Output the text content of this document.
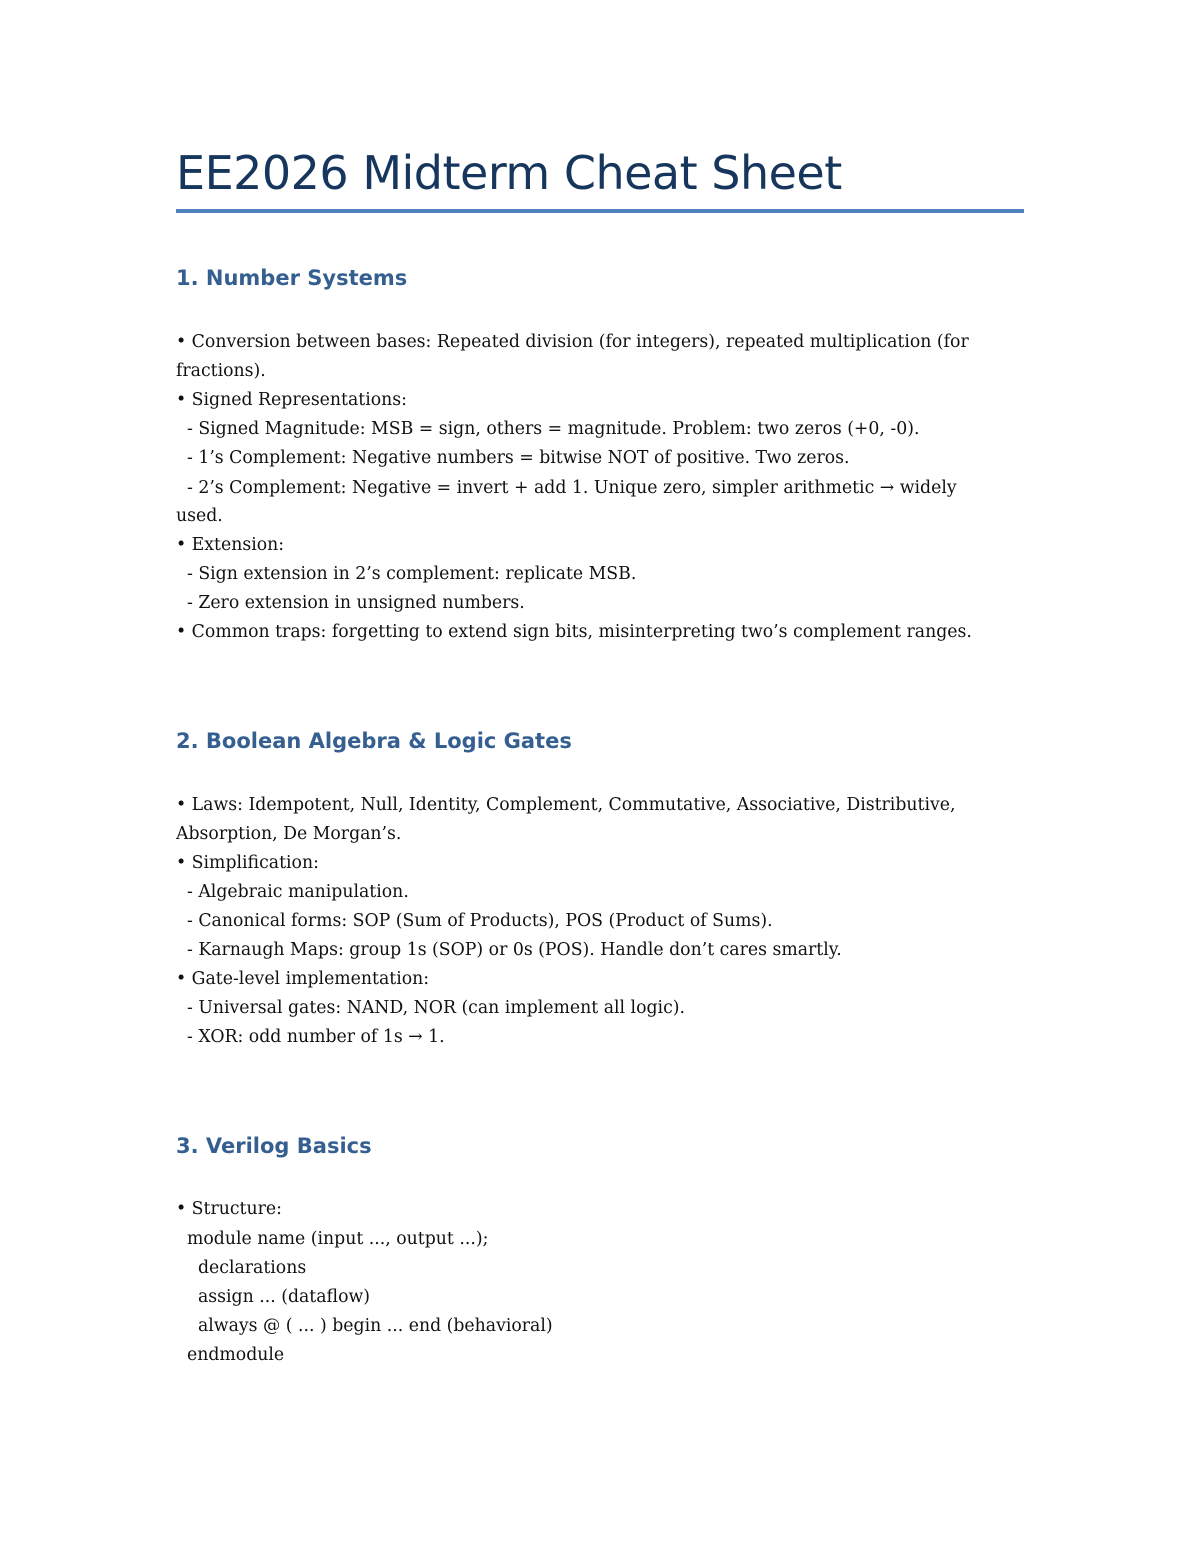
EE2026 Midterm Cheat Sheet
1. Number Systems
• Conversion between bases: Repeated division (for integers), repeated multiplication (for
fractions).
• Signed Representations:
- Signed Magnitude: MSB = sign, others = magnitude. Problem: two zeros (+0, -0).
- 1’s Complement: Negative numbers = bitwise NOT of positive. Two zeros.
- 2’s Complement: Negative = invert + add 1. Unique zero, simpler arithmetic → widely
used.
• Extension:
- Sign extension in 2’s complement: replicate MSB.
- Zero extension in unsigned numbers.
• Common traps: forgetting to extend sign bits, misinterpreting two’s complement ranges.
2. Boolean Algebra & Logic Gates
• Laws: Idempotent, Null, Identity, Complement, Commutative, Associative, Distributive,
Absorption, De Morgan’s.
• Simplification:
- Algebraic manipulation.
- Canonical forms: SOP (Sum of Products), POS (Product of Sums).
- Karnaugh Maps: group 1s (SOP) or 0s (POS). Handle don’t cares smartly.
• Gate-level implementation:
- Universal gates: NAND, NOR (can implement all logic).
- XOR: odd number of 1s → 1.
3. Verilog Basics
• Structure:
module name (input ..., output ...);
declarations
assign ... (dataflow)
always @ ( ... ) begin ... end (behavioral)
endmodule
